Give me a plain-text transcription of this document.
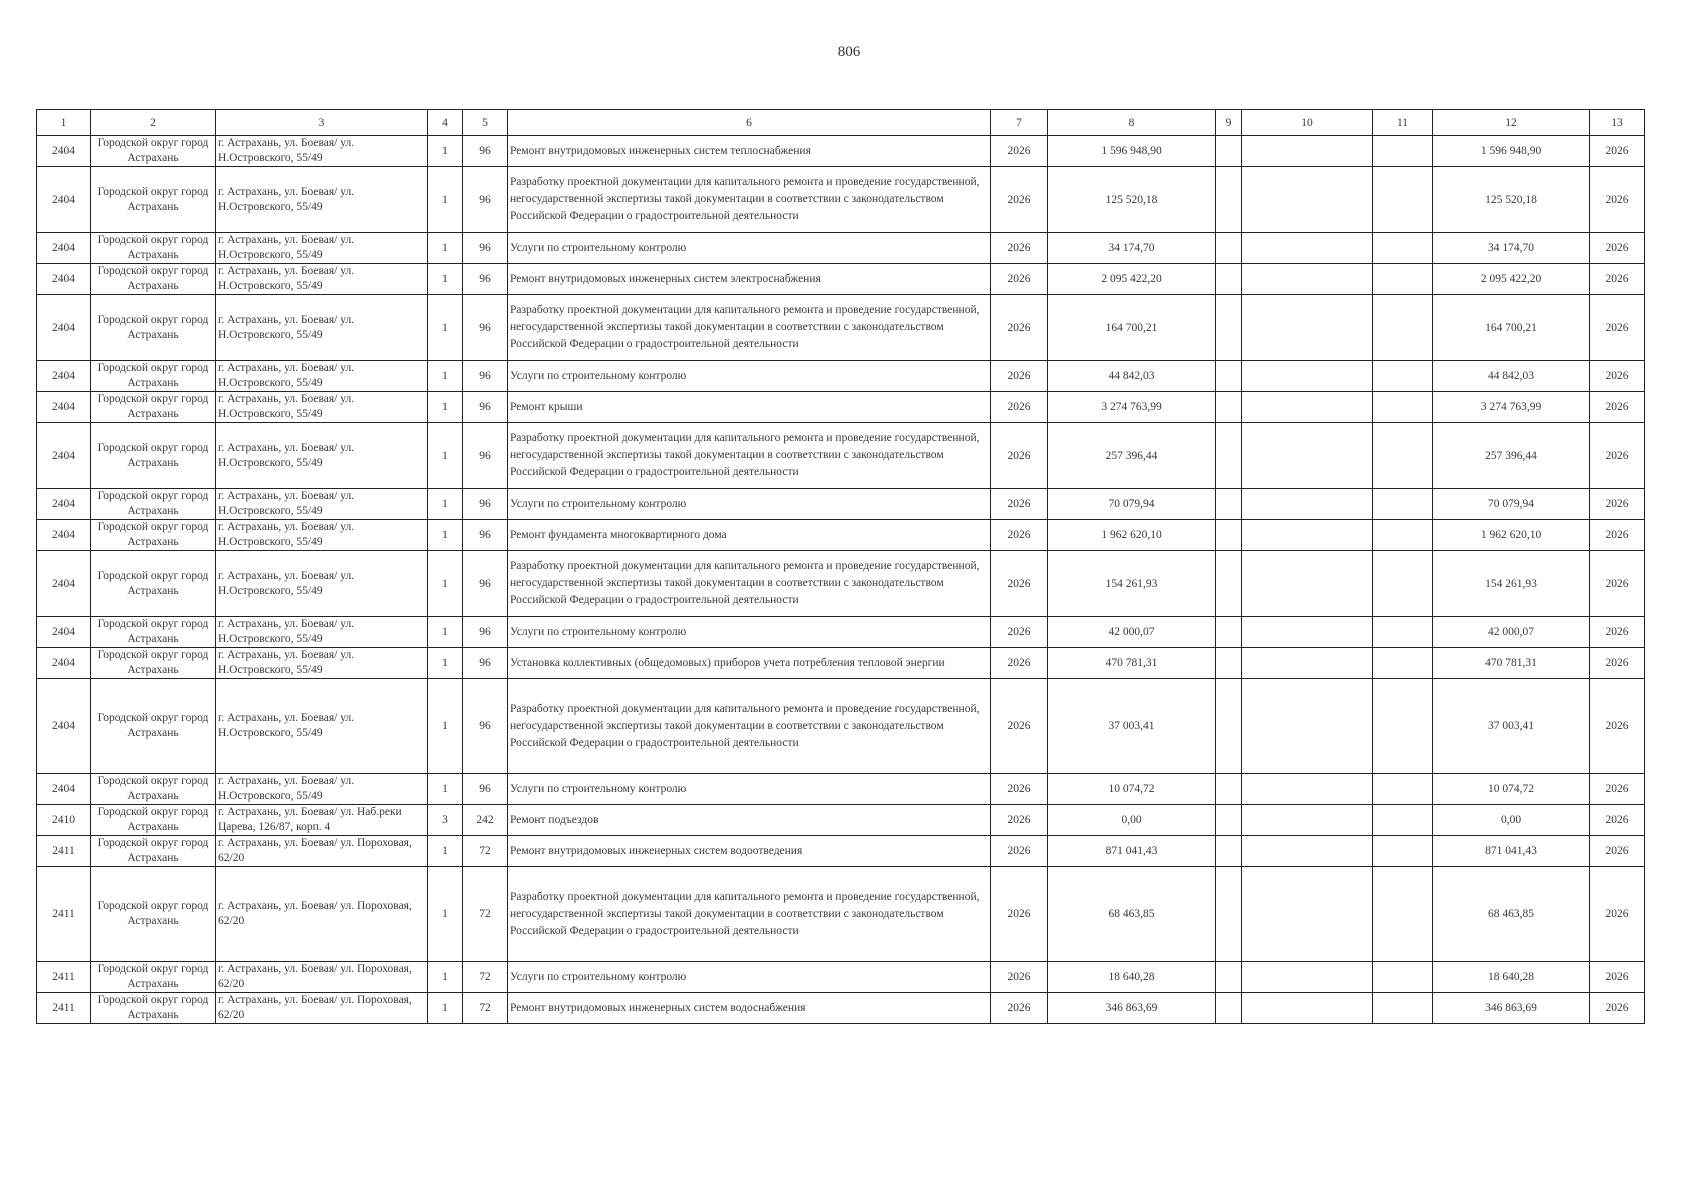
806
1	2	3	4	5	6	7	8	9	10	11	12	13
2404	Городской округ город Астрахань	г. Астрахань, ул. Боевая/ ул. Н.Островского, 55/49	1	96	Ремонт внутридомовых инженерных систем теплоснабжения	2026	1 596 948,90				1 596 948,90	2026
2404	Городской округ город Астрахань	г. Астрахань, ул. Боевая/ ул. Н.Островского, 55/49	1	96	Разработку проектной документации для капитального ремонта и проведение государственной, негосударственной экспертизы такой документации в соответствии с законодательством Российской Федерации о градостроительной деятельности	2026	125 520,18				125 520,18	2026
2404	Городской округ город Астрахань	г. Астрахань, ул. Боевая/ ул. Н.Островского, 55/49	1	96	Услуги по строительному контролю	2026	34 174,70				34 174,70	2026
2404	Городской округ город Астрахань	г. Астрахань, ул. Боевая/ ул. Н.Островского, 55/49	1	96	Ремонт внутридомовых инженерных систем электроснабжения	2026	2 095 422,20				2 095 422,20	2026
2404	Городской округ город Астрахань	г. Астрахань, ул. Боевая/ ул. Н.Островского, 55/49	1	96	Разработку проектной документации для капитального ремонта и проведение государственной, негосударственной экспертизы такой документации в соответствии с законодательством Российской Федерации о градостроительной деятельности	2026	164 700,21				164 700,21	2026
2404	Городской округ город Астрахань	г. Астрахань, ул. Боевая/ ул. Н.Островского, 55/49	1	96	Услуги по строительному контролю	2026	44 842,03				44 842,03	2026
2404	Городской округ город Астрахань	г. Астрахань, ул. Боевая/ ул. Н.Островского, 55/49	1	96	Ремонт крыши	2026	3 274 763,99				3 274 763,99	2026
2404	Городской округ город Астрахань	г. Астрахань, ул. Боевая/ ул. Н.Островского, 55/49	1	96	Разработку проектной документации для капитального ремонта и проведение государственной, негосударственной экспертизы такой документации в соответствии с законодательством Российской Федерации о градостроительной деятельности	2026	257 396,44				257 396,44	2026
2404	Городской округ город Астрахань	г. Астрахань, ул. Боевая/ ул. Н.Островского, 55/49	1	96	Услуги по строительному контролю	2026	70 079,94				70 079,94	2026
2404	Городской округ город Астрахань	г. Астрахань, ул. Боевая/ ул. Н.Островского, 55/49	1	96	Ремонт фундамента многоквартирного дома	2026	1 962 620,10				1 962 620,10	2026
2404	Городской округ город Астрахань	г. Астрахань, ул. Боевая/ ул. Н.Островского, 55/49	1	96	Разработку проектной документации для капитального ремонта и проведение государственной, негосударственной экспертизы такой документации в соответствии с законодательством Российской Федерации о градостроительной деятельности	2026	154 261,93				154 261,93	2026
2404	Городской округ город Астрахань	г. Астрахань, ул. Боевая/ ул. Н.Островского, 55/49	1	96	Услуги по строительному контролю	2026	42 000,07				42 000,07	2026
2404	Городской округ город Астрахань	г. Астрахань, ул. Боевая/ ул. Н.Островского, 55/49	1	96	Установка коллективных (общедомовых) приборов учета потребления тепловой энергии	2026	470 781,31				470 781,31	2026
2404	Городской округ город Астрахань	г. Астрахань, ул. Боевая/ ул. Н.Островского, 55/49	1	96	Разработку проектной документации для капитального ремонта и проведение государственной, негосударственной экспертизы такой документации в соответствии с законодательством Российской Федерации о градостроительной деятельности	2026	37 003,41				37 003,41	2026
2404	Городской округ город Астрахань	г. Астрахань, ул. Боевая/ ул. Н.Островского, 55/49	1	96	Услуги по строительному контролю	2026	10 074,72				10 074,72	2026
2410	Городской округ город Астрахань	г. Астрахань, ул. Боевая/ ул. Наб.реки Царева, 126/87, корп. 4	3	242	Ремонт подъездов	2026	0,00				0,00	2026
2411	Городской округ город Астрахань	г. Астрахань, ул. Боевая/ ул. Пороховая, 62/20	1	72	Ремонт внутридомовых инженерных систем водоотведения	2026	871 041,43				871 041,43	2026
2411	Городской округ город Астрахань	г. Астрахань, ул. Боевая/ ул. Пороховая, 62/20	1	72	Разработку проектной документации для капитального ремонта и проведение государственной, негосударственной экспертизы такой документации в соответствии с законодательством Российской Федерации о градостроительной деятельности	2026	68 463,85				68 463,85	2026
2411	Городской округ город Астрахань	г. Астрахань, ул. Боевая/ ул. Пороховая, 62/20	1	72	Услуги по строительному контролю	2026	18 640,28				18 640,28	2026
2411	Городской округ город Астрахань	г. Астрахань, ул. Боевая/ ул. Пороховая, 62/20	1	72	Ремонт внутридомовых инженерных систем водоснабжения	2026	346 863,69				346 863,69	2026
